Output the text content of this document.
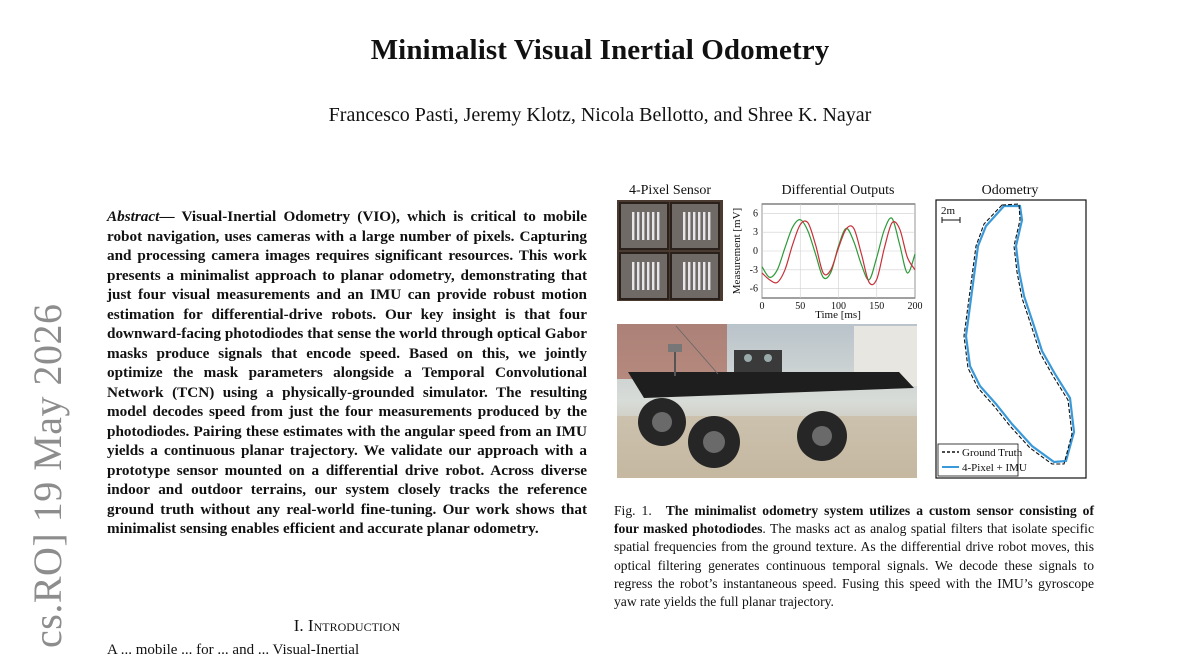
Minimalist Visual Inertial Odometry
Francesco Pasti, Jeremy Klotz, Nicola Bellotto, and Shree K. Nayar
cs.RO] 19 May 2026
Abstract— Visual-Inertial Odometry (VIO), which is critical to mobile robot navigation, uses cameras with a large number of pixels. Capturing and processing camera images requires significant resources. This work presents a minimalist approach to planar odometry, demonstrating that just four visual measurements and an IMU can provide robust motion estimation for differential-drive robots. Our key insight is that four downward-facing photodiodes that sense the world through optical Gabor masks produce signals that encode speed. Based on this, we jointly optimize the mask parameters alongside a Temporal Convolutional Network (TCN) using a physically-grounded simulator. The resulting model decodes speed from just the four measurements produced by the photodiodes. Pairing these estimates with the angular speed from an IMU yields a continuous planar trajectory. We validate our approach with a prototype sensor mounted on a differential drive robot. Across diverse indoor and outdoor terrains, our system closely tracks the reference ground truth without any real-world fine-tuning. Our work shows that minimalist sensing enables efficient and accurate planar odometry.
I. Introduction
A ... mobile ... for ... and ... Visual-Inertial
4-Pixel Sensor	Differential Outputs	Odometry
-6
-3
0
3
6
0	50	100 150 200
Time [ms]
Measurement [mV]	2m
Ground Truth
4-Pixel + IMU
Fig. 1. The minimalist odometry system utilizes a custom sensor consisting of four masked photodiodes. The masks act as analog spatial filters that isolate specific spatial frequencies from the ground texture. As the differential drive robot moves, this optical filtering generates continuous temporal signals. We decode these signals to regress the robot’s instantaneous speed. Fusing this speed with the IMU’s gyroscope yaw rate yields the full planar trajectory.
